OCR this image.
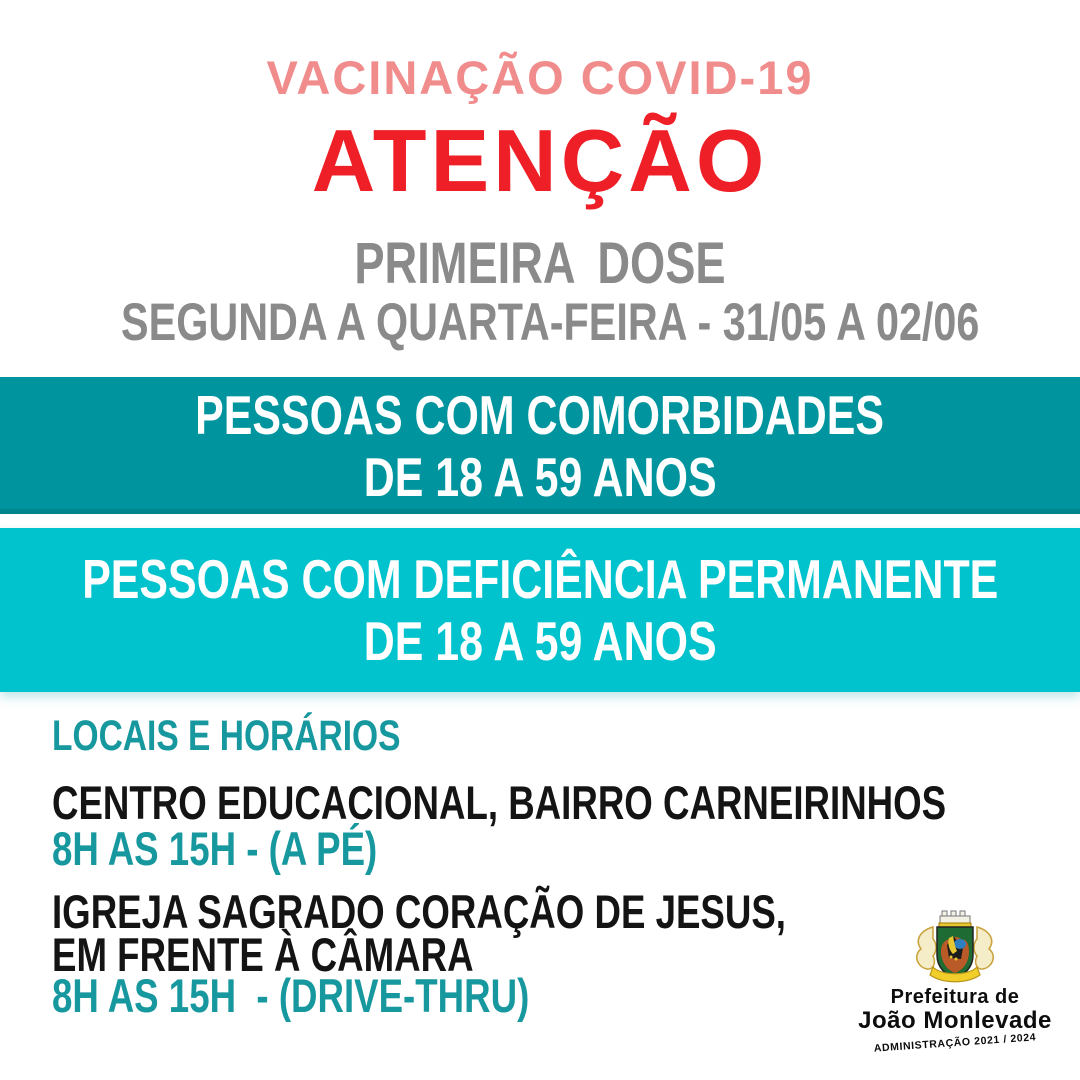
VACINAÇÃO COVID-19
ATENÇÃO
PRIMEIRA DOSE
SEGUNDA A QUARTA-FEIRA - 31/05 A 02/06
PESSOAS COM COMORBIDADES
DE 18 A 59 ANOS
PESSOAS COM DEFICIÊNCIA PERMANENTE
DE 18 A 59 ANOS
LOCAIS E HORÁRIOS
CENTRO EDUCACIONAL, BAIRRO CARNEIRINHOS
8H AS 15H - (A PÉ)
IGREJA SAGRADO CORAÇÃO DE JESUS,
EM FRENTE À CÂMARA
8H AS 15H  - (DRIVE-THRU)	Prefeitura de
João Monlevade
ADMINISTRAÇÃO 2021 / 2024
